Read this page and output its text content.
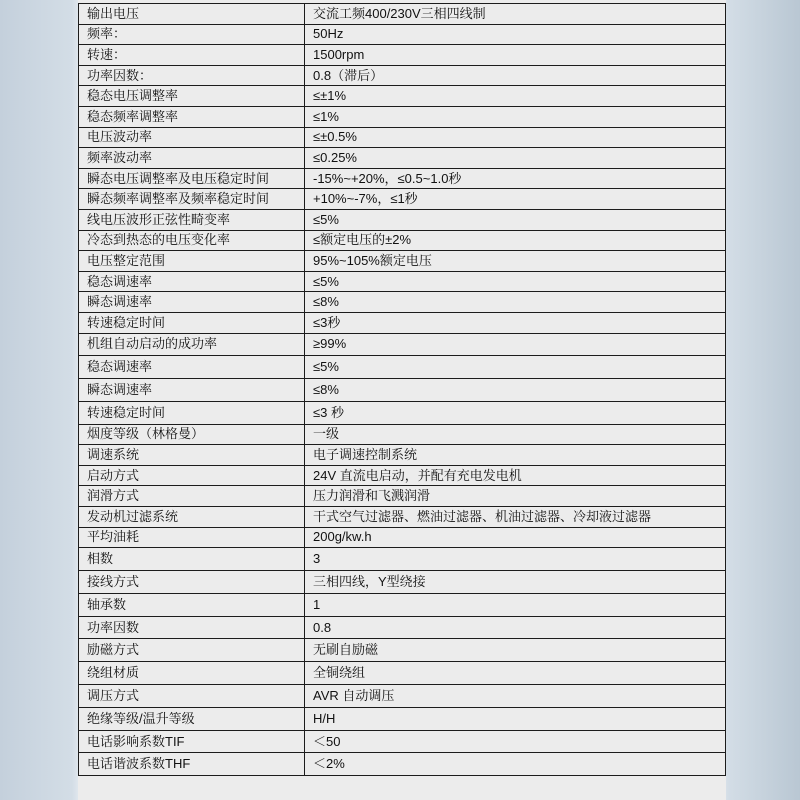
输出电压	交流工频400/230V三相四线制
频率：	50Hz
转速：	1500rpm
功率因数：	0.8（滞后）
稳态电压调整率	≤±1%
稳态频率调整率	≤1%
电压波动率	≤±0.5%
频率波动率	≤0.25%
瞬态电压调整率及电压稳定时间	-15%~+20%，≤0.5~1.0秒
瞬态频率调整率及频率稳定时间	+10%~-7%，≤1秒
线电压波形正弦性畸变率	≤5%
冷态到热态的电压变化率	≤额定电压的±2%
电压整定范围	95%~105%额定电压
稳态调速率	≤5%
瞬态调速率	≤8%
转速稳定时间	≤3秒
机组自动启动的成功率	≥99%
稳态调速率	≤5%
瞬态调速率	≤8%
转速稳定时间	≤3 秒
烟度等级（林格曼）	一级
调速系统	电子调速控制系统
启动方式	24V 直流电启动，并配有充电发电机
润滑方式	压力润滑和飞溅润滑
发动机过滤系统	干式空气过滤器、燃油过滤器、机油过滤器、冷却液过滤器
平均油耗	200g/kw.h
相数	3
接线方式	三相四线，Y型绕接
轴承数	1
功率因数	0.8
励磁方式	无刷自励磁
绕组材质	全铜绕组
调压方式	AVR 自动调压
绝缘等级/温升等级	H/H
电话影响系数TIF	＜50
电话谐波系数THF	＜2%
